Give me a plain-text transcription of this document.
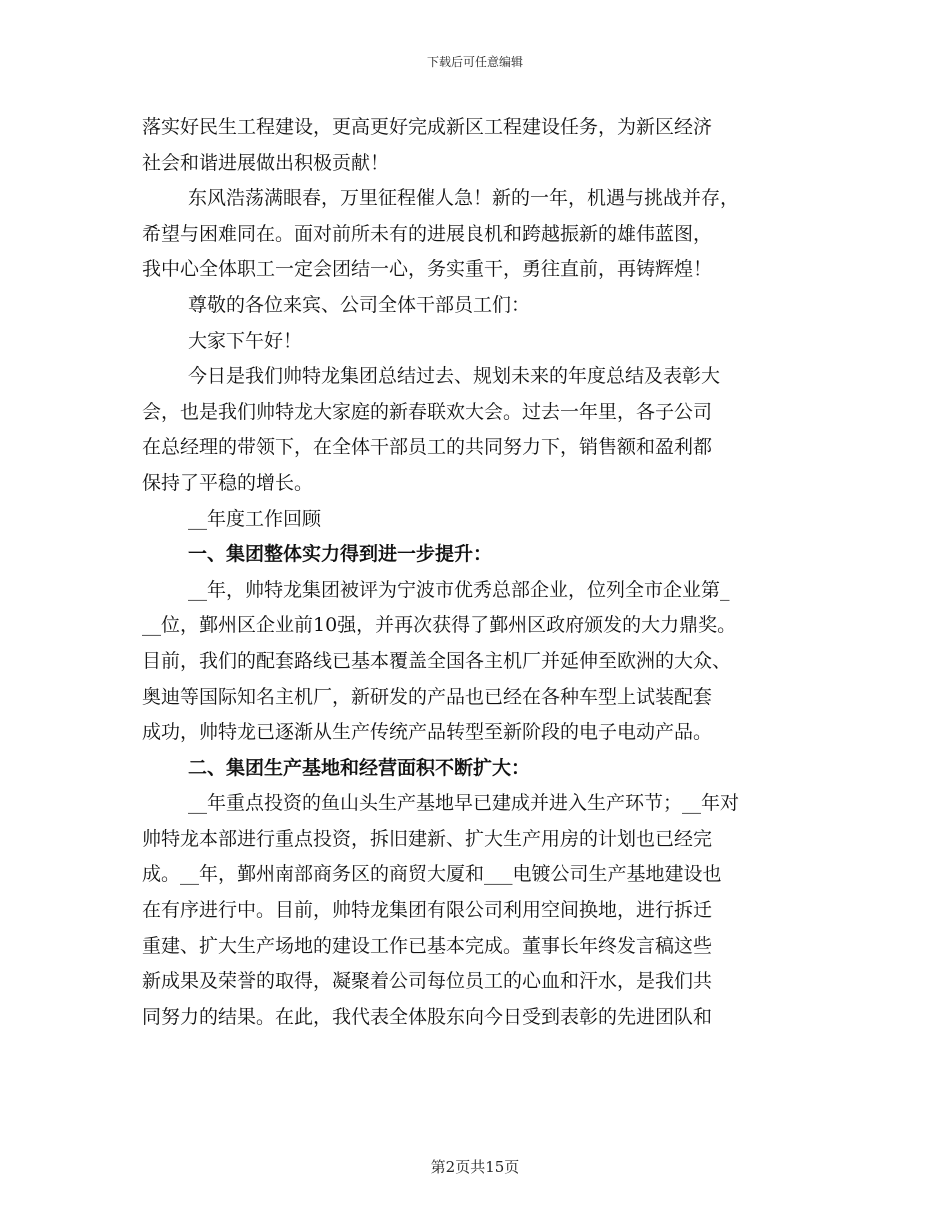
下载后可任意编辑
落实好民生工程建设，更高更好完成新区工程建设任务，为新区经济
社会和谐进展做出积极贡献！
东风浩荡满眼春，万里征程催人急！新的一年，机遇与挑战并存，
希望与困难同在。面对前所未有的进展良机和跨越振新的雄伟蓝图，
我中心全体职工一定会团结一心，务实重干，勇往直前，再铸辉煌！
尊敬的各位来宾、公司全体干部员工们：
大家下午好！
今日是我们帅特龙集团总结过去、规划未来的年度总结及表彰大
会，也是我们帅特龙大家庭的新春联欢大会。过去一年里，各子公司
在总经理的带领下，在全体干部员工的共同努力下，销售额和盈利都
保持了平稳的增长。
__年度工作回顾
一、集团整体实力得到进一步提升：
__年，帅特龙集团被评为宁波市优秀总部企业，位列全市企业第_
__位，鄞州区企业前10强，并再次获得了鄞州区政府颁发的大力鼎奖。
目前，我们的配套路线已基本覆盖全国各主机厂并延伸至欧洲的大众、
奥迪等国际知名主机厂，新研发的产品也已经在各种车型上试装配套
成功，帅特龙已逐渐从生产传统产品转型至新阶段的电子电动产品。
二、集团生产基地和经营面积不断扩大：
__年重点投资的鱼山头生产基地早已建成并进入生产环节；__年对
帅特龙本部进行重点投资，拆旧建新、扩大生产用房的计划也已经完
成。__年，鄞州南部商务区的商贸大厦和___电镀公司生产基地建设也
在有序进行中。目前，帅特龙集团有限公司利用空间换地，进行拆迁
重建、扩大生产场地的建设工作已基本完成。董事长年终发言稿这些
新成果及荣誉的取得，凝聚着公司每位员工的心血和汗水，是我们共
同努力的结果。在此，我代表全体股东向今日受到表彰的先进团队和
第2页共15页
